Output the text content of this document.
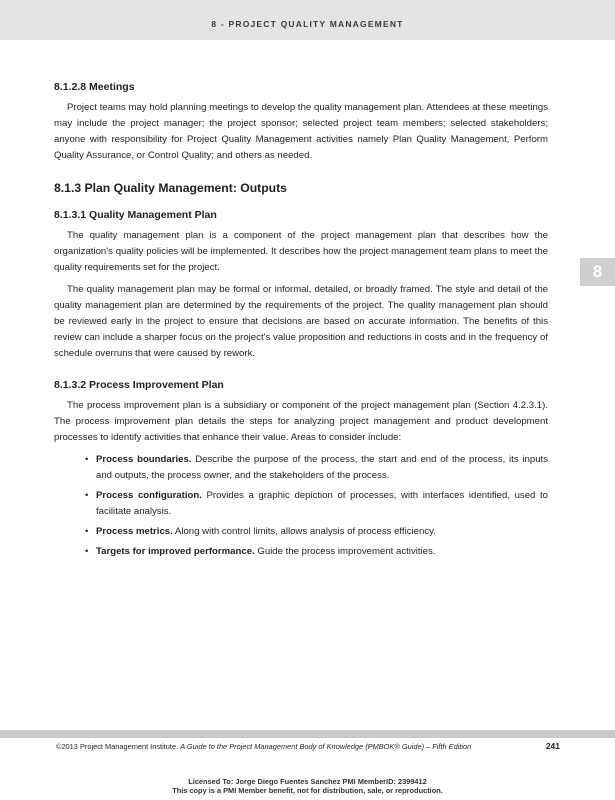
8 - PROJECT QUALITY MANAGEMENT
8
8.1.2.8 Meetings

Project teams may hold planning meetings to develop the quality management plan. Attendees at these meetings may include the project manager; the project sponsor; selected project team members; selected stakeholders; anyone with responsibility for Project Quality Management activities namely Plan Quality Management, Perform Quality Assurance, or Control Quality; and others as needed.

8.1.3 Plan Quality Management: Outputs
8.1.3.1 Quality Management Plan

The quality management plan is a component of the project management plan that describes how the organization's quality policies will be implemented. It describes how the project management team plans to meet the quality requirements set for the project.

The quality management plan may be formal or informal, detailed, or broadly framed. The style and detail of the quality management plan are determined by the requirements of the project. The quality management plan should be reviewed early in the project to ensure that decisions are based on accurate information. The benefits of this review can include a sharper focus on the project's value proposition and reductions in costs and in the frequency of schedule overruns that were caused by rework.

8.1.3.2 Process Improvement Plan

The process improvement plan is a subsidiary or component of the project management plan (Section 4.2.3.1). The process improvement plan details the steps for analyzing project management and product development processes to identify activities that enhance their value. Areas to consider include:

• Process boundaries. Describe the purpose of the process, the start and end of the process, its inputs and outputs, the process owner, and the stakeholders of the process.
• Process configuration. Provides a graphic depiction of processes, with interfaces identified, used to facilitate analysis.
• Process metrics. Along with control limits, allows analysis of process efficiency.
• Targets for improved performance. Guide the process improvement activities.
©2013 Project Management Institute. A Guide to the Project Management Body of Knowledge (PMBOK® Guide) – Fifth Edition	241
Licensed To: Jorge Diego Fuentes Sanchez PMI MemberID: 2399412
This copy is a PMI Member benefit, not for distribution, sale, or reproduction.
